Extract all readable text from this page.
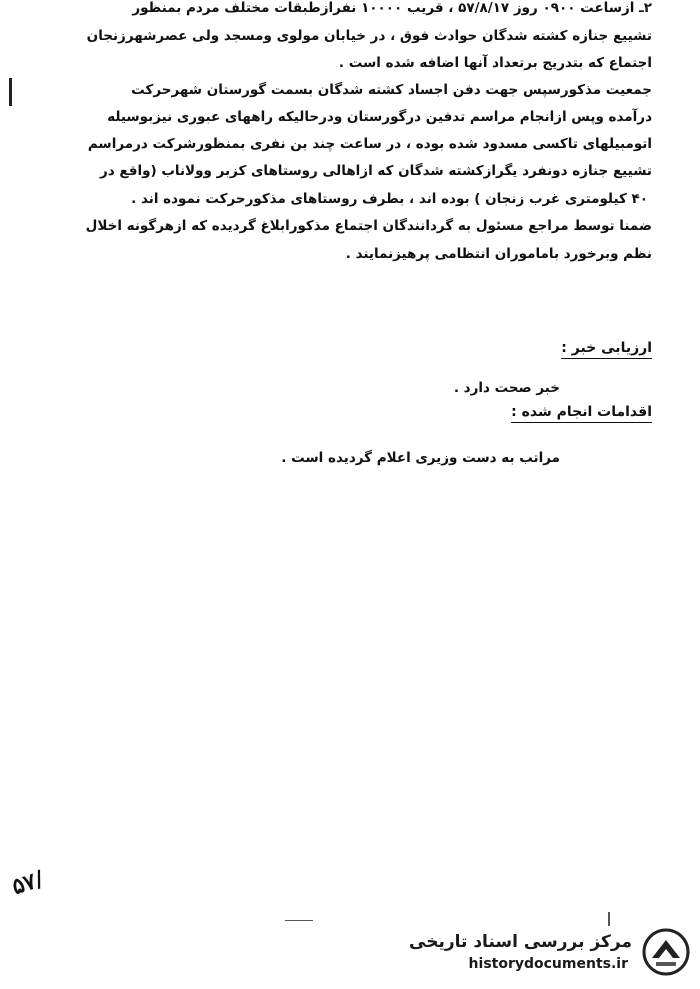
۲ـ ازساعت ۰۹۰۰ روز ۵۷/۸/۱۷ ، قریب ۱۰۰۰۰ نفرازطبقات مختلف مردم بمنظور
تشییع جنازه کشته شدگان حوادث فوق ، در خیابان مولوی ومسجد ولی عصرشهرزنجان
اجتماع که بتدریج برتعداد آنها اضافه شده است .
جمعیت مذکورسپس جهت دفن اجساد کشته شدگان بسمت گورستان شهرحرکت
درآمده وپس ازانجام مراسم تدفین درگورستان ودرحالیکه راههای عبوری نیزبوسیله
اتومبیلهای تاکسی مسدود شده بوده ، در ساعت چند بن نفری بمنظورشرکت درمراسم
تشییع جنازه دونفرد یگرازکشته شدگان که ازاهالی روستاهای کزبر وولاناب (واقع در
۴۰ کیلومتری غرب زنجان ) بوده اند ، بطرف روستاهای مذکورحرکت نموده اند .
ضمنا توسط مراجع مسئول به گردانندگان اجتماع مذکورابلاغ گردیده که ازهرگونه اخلال
نظم وبرخورد باماموران انتظامی پرهیزنمایند .
ارزیابی خبر :
خبر صحت دارد .
اقدامات انجام شده :
مراتب به دست وزیری اعلام گردیده است .
۵۷/
مرکز بررسی اسناد تاریخی
historydocuments.ir
